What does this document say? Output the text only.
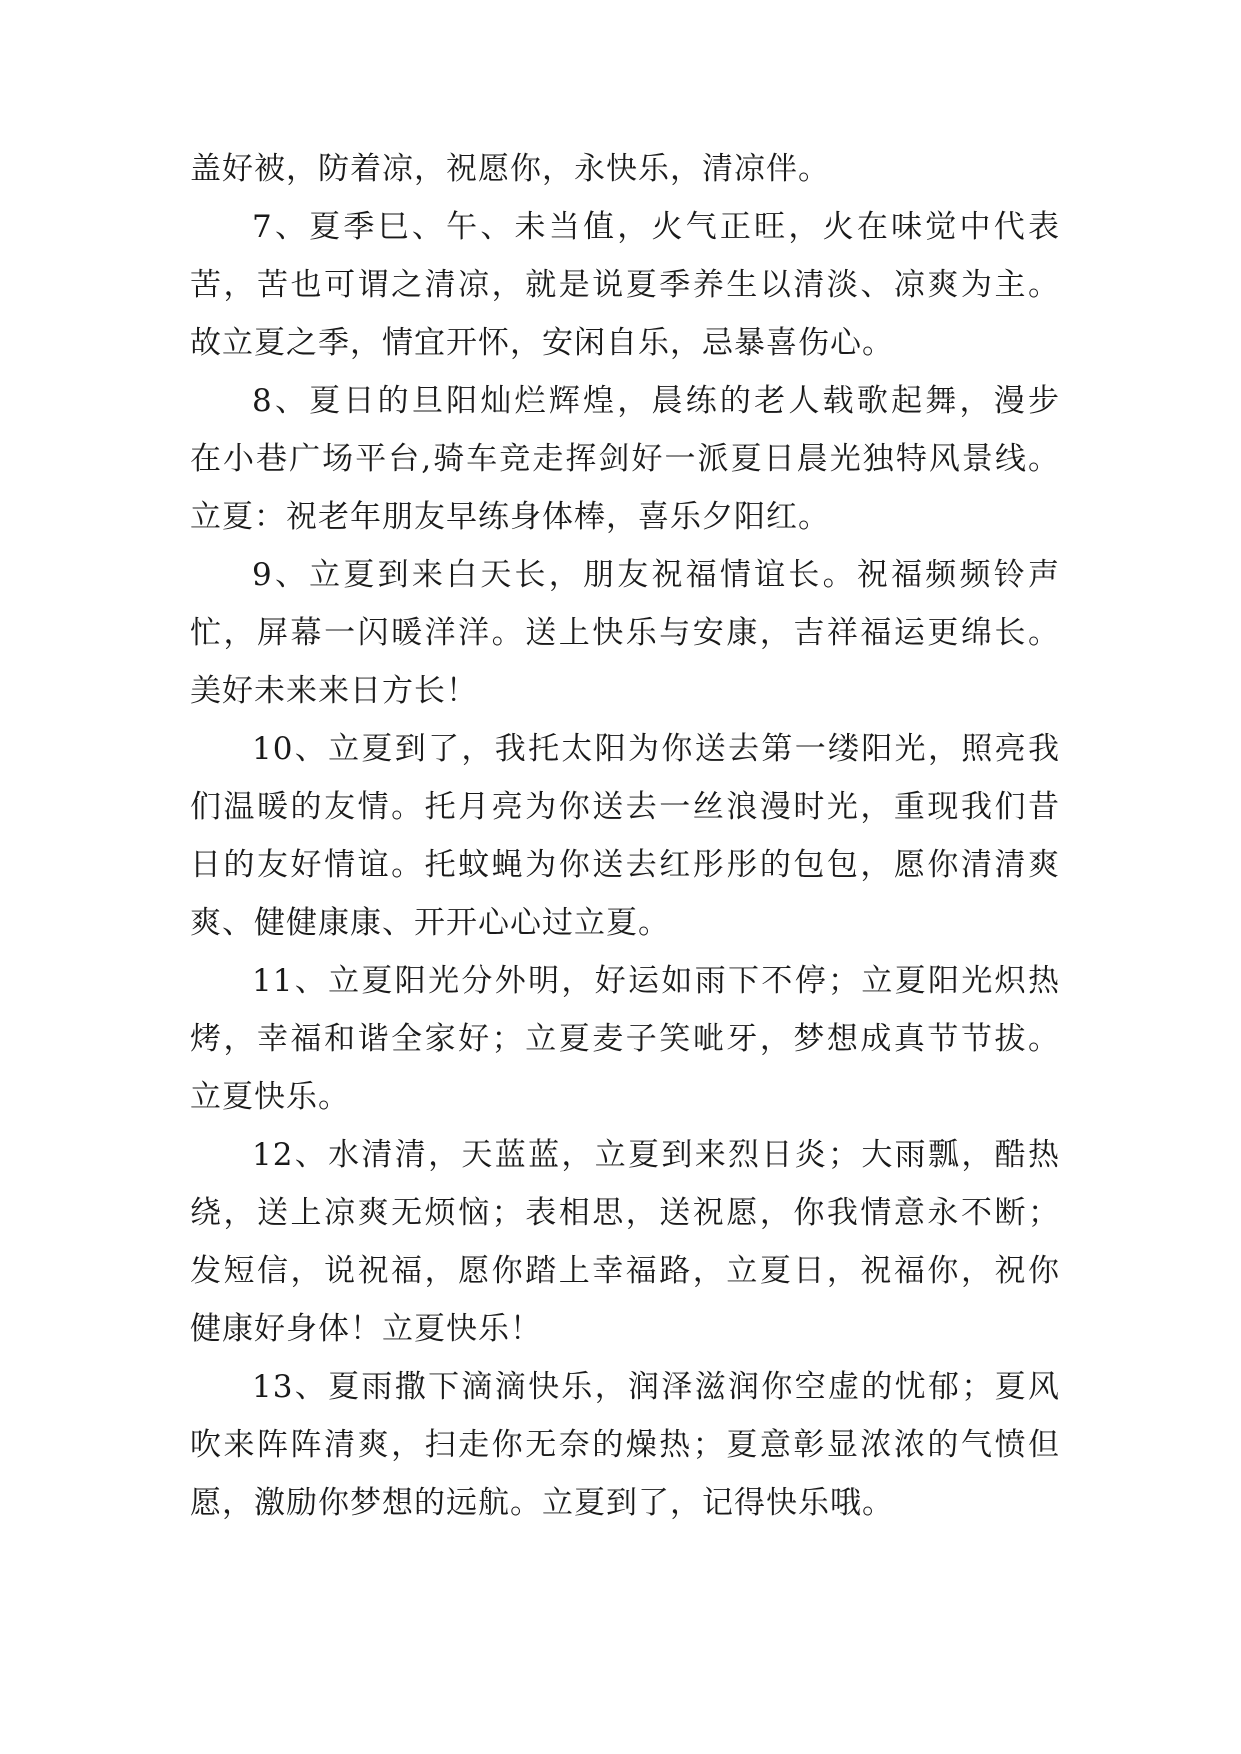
盖好被，防着凉，祝愿你，永快乐，清凉伴。
7、夏季巳、午、未当值，火气正旺，火在味觉中代表
苦，苦也可谓之清凉，就是说夏季养生以清淡、凉爽为主。
故立夏之季，情宜开怀，安闲自乐，忌暴喜伤心。
8、夏日的旦阳灿烂辉煌，晨练的老人载歌起舞，漫步
在小巷广场平台,骑车竞走挥剑好一派夏日晨光独特风景线。
立夏：祝老年朋友早练身体棒，喜乐夕阳红。
9、立夏到来白天长，朋友祝福情谊长。祝福频频铃声
忙，屏幕一闪暖洋洋。送上快乐与安康，吉祥福运更绵长。
美好未来来日方长！
10、立夏到了，我托太阳为你送去第一缕阳光，照亮我
们温暖的友情。托月亮为你送去一丝浪漫时光，重现我们昔
日的友好情谊。托蚊蝇为你送去红彤彤的包包，愿你清清爽
爽、健健康康、开开心心过立夏。
11、立夏阳光分外明，好运如雨下不停；立夏阳光炽热
烤，幸福和谐全家好；立夏麦子笑呲牙，梦想成真节节拔。
立夏快乐。
12、水清清，天蓝蓝，立夏到来烈日炎；大雨瓢，酷热
绕，送上凉爽无烦恼；表相思，送祝愿，你我情意永不断；
发短信，说祝福，愿你踏上幸福路，立夏日，祝福你，祝你
健康好身体！立夏快乐！
13、夏雨撒下滴滴快乐，润泽滋润你空虚的忧郁；夏风
吹来阵阵清爽，扫走你无奈的燥热；夏意彰显浓浓的气愤但
愿，激励你梦想的远航。立夏到了，记得快乐哦。
